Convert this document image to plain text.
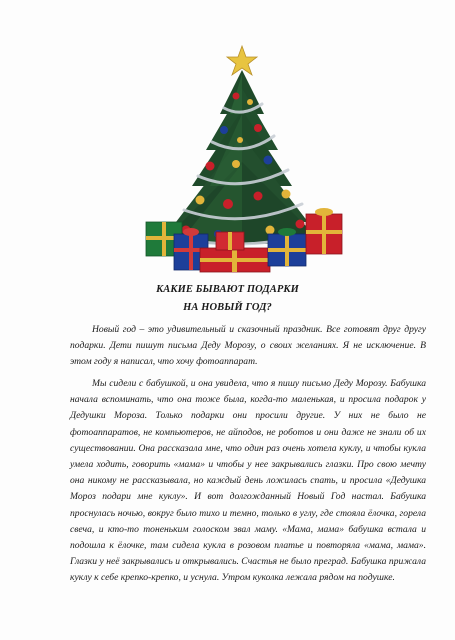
КАКИЕ БЫВАЮТ ПОДАРКИ
НА НОВЫЙ ГОД?

Новый год – это удивительный и сказочный праздник. Все готовят друг другу подарки. Дети пишут письма Деду Морозу, о своих желаниях. Я не исключение. В этом году я написал, что хочу фотоаппарат.

Мы сидели с бабушкой, и она увидела, что я пишу письмо Деду Морозу. Бабушка начала вспоминать, что она тоже была, когда-то маленькая, и просила подарок у Дедушки Мороза. Только подарки они просили другие. У них не было не фотоаппаратов, не компьютеров, не айподов, не роботов и они даже не знали об их существовании. Она рассказала мне, что один раз очень хотела куклу, и чтобы кукла умела ходить, говорить «мама» и чтобы у нее закрывались глазки. Про свою мечту она никому не рассказывала, но каждый день ложилась спать, и просила «Дедушка Мороз подари мне куклу». И вот долгожданный Новый Год настал. Бабушка проснулась ночью, вокруг было тихо и темно, только в углу, где стояла ёлочка, горела свеча, и кто-то тоненьким голоском звал маму. «Мама, мама» бабушка встала и подошла к ёлочке, там сидела кукла в розовом платье и повторяла «мама, мама». Глазки у неё закрывались и открывались. Счастья не было преград. Бабушка прижала куклу к себе крепко-крепко, и уснула. Утром куколка лежала рядом на подушке.
